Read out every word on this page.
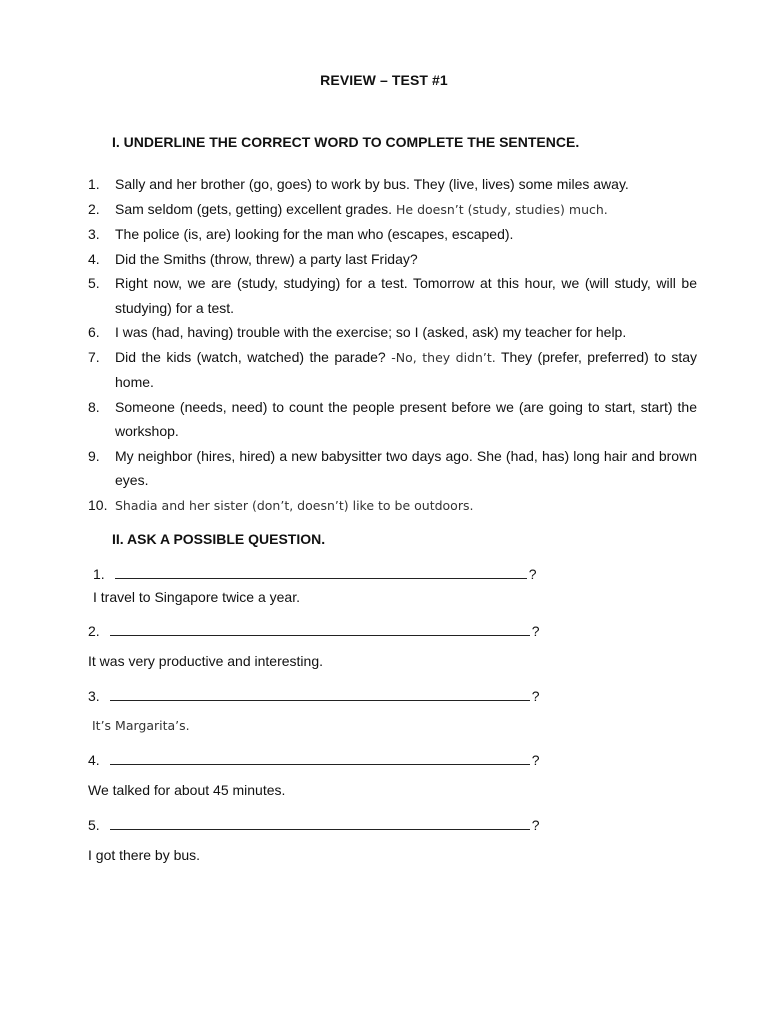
REVIEW – TEST #1
I. UNDERLINE THE CORRECT WORD TO COMPLETE THE SENTENCE.
1.	Sally and her brother (go, goes) to work by bus. They (live, lives) some miles away.
2.	Sam seldom (gets, getting) excellent grades. He doesn’t (study, studies) much.
3.	The police (is, are) looking for the man who (escapes, escaped).
4.	Did the Smiths (throw, threw) a party last Friday?
5.	Right now, we are (study, studying) for a test. Tomorrow at this hour, we (will study, will be studying) for a test.
6.	I was (had, having) trouble with the exercise; so I (asked, ask) my teacher for help.
7.	Did the kids (watch, watched) the parade? -No, they didn’t. They (prefer, preferred) to stay home.
8.	Someone (needs, need) to count the people present before we (are going to start, start) the workshop.
9.	My neighbor (hires, hired) a new babysitter two days ago. She (had, has) long hair and brown eyes.
10. Shadia and her sister (don’t, doesn’t) like to be outdoors.
II. ASK A POSSIBLE QUESTION.
1.	?
I travel to Singapore twice a year.
2.	?
It was very productive and interesting.
3.	?
It’s Margarita’s.
4.	?
We talked for about 45 minutes.
5.	?
I got there by bus.
